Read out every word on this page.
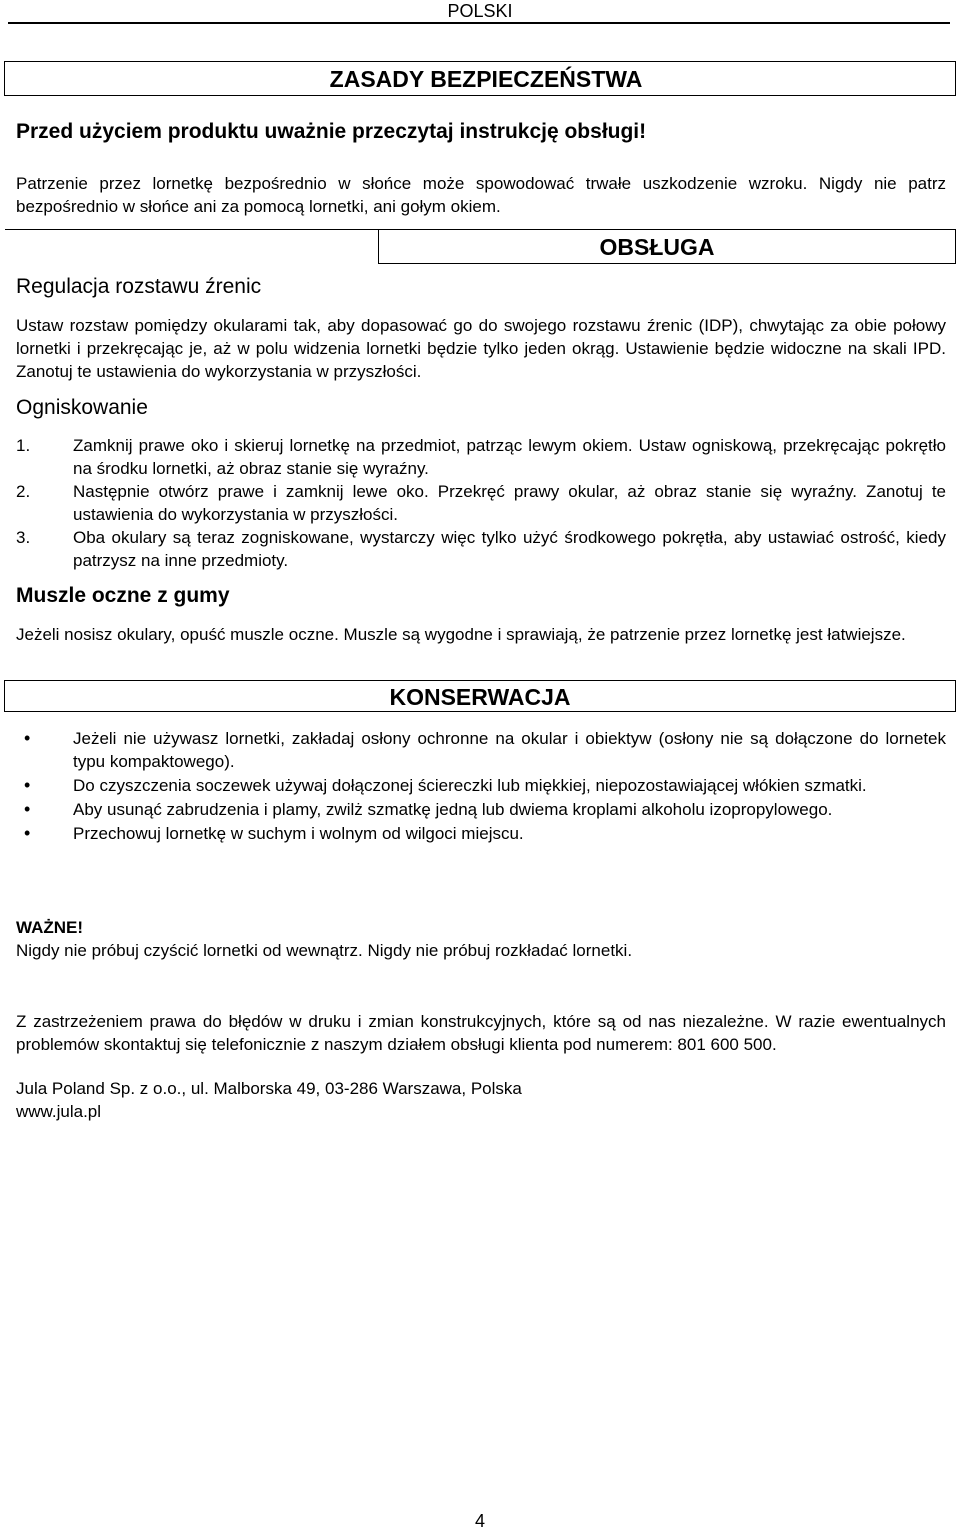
POLSKI
ZASADY BEZPIECZEŃSTWA
Przed użyciem produktu uważnie przeczytaj instrukcję obsługi!
Patrzenie przez lornetkę bezpośrednio w słońce może spowodować trwałe uszkodzenie wzroku. Nigdy nie patrz bezpośrednio w słońce ani za pomocą lornetki, ani gołym okiem.
OBSŁUGA
Regulacja rozstawu źrenic
Ustaw rozstaw pomiędzy okularami tak, aby dopasować go do swojego rozstawu źrenic (IDP), chwytając za obie połowy lornetki i przekręcając je, aż w polu widzenia lornetki będzie tylko jeden okrąg. Ustawienie będzie widoczne na skali IPD. Zanotuj te ustawienia do wykorzystania w przyszłości.
Ogniskowanie
1.	Zamknij prawe oko i skieruj lornetkę na przedmiot, patrząc lewym okiem. Ustaw ogniskową, przekręcając pokrętło na środku lornetki, aż obraz stanie się wyraźny.
2.	Następnie otwórz prawe i zamknij lewe oko. Przekręć prawy okular, aż obraz stanie się wyraźny. Zanotuj te ustawienia do wykorzystania w przyszłości.
3.	Oba okulary są teraz zogniskowane, wystarczy więc tylko użyć środkowego pokrętła, aby ustawiać ostrość, kiedy patrzysz na inne przedmioty.
Muszle oczne z gumy
Jeżeli nosisz okulary, opuść muszle oczne. Muszle są wygodne i sprawiają, że patrzenie przez lornetkę jest łatwiejsze.
KONSERWACJA
•	Jeżeli nie używasz lornetki, zakładaj osłony ochronne na okular i obiektyw (osłony nie są dołączone do lornetek typu kompaktowego).
•	Do czyszczenia soczewek używaj dołączonej ściereczki lub miękkiej, niepozostawiającej włókien szmatki.
•	Aby usunąć zabrudzenia i plamy, zwilż szmatkę jedną lub dwiema kroplami alkoholu izopropylowego.
•	Przechowuj lornetkę w suchym i wolnym od wilgoci miejscu.
WAŻNE!
Nigdy nie próbuj czyścić lornetki od wewnątrz. Nigdy nie próbuj rozkładać lornetki.
Z zastrzeżeniem prawa do błędów w druku i zmian konstrukcyjnych, które są od nas niezależne. W razie ewentualnych problemów skontaktuj się telefonicznie z naszym działem obsługi klienta pod numerem: 801 600 500.
Jula Poland Sp. z o.o., ul. Malborska 49, 03-286 Warszawa, Polska
www.jula.pl
4
